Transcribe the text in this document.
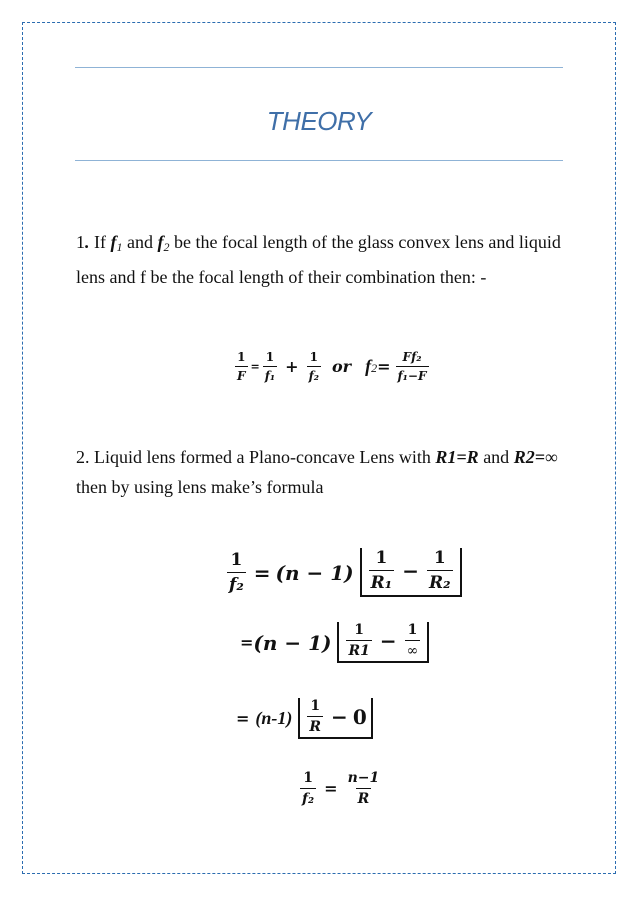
THEORY
1. If $f_1$ and $f_2$ be the focal length of the glass convex lens and liquid lens and f be the focal length of their combination then: -
$\frac{1}{F} = \frac{1}{\text{f₁}} + \frac{1}{\text{f₂}}$ or $f2 = \frac{\text{Ff₂}}{\text{f₁−F}}$
2. Liquid lens formed a Plano-concave Lens with R1=R and R2=∞ then by using lens make’s formula
$\frac{1}{\text{f₂}} = (n - 1) \frac{1}{\text{R₁}} - \frac{1}{\text{R₂}}$
= $(n - 1) \frac{1}{R1} - \frac{1}{\infty}$
= $(n-1) \frac{1}{R} - 0$
$\frac{1}{\text{f₂}} = \frac{n-1}{R}$
